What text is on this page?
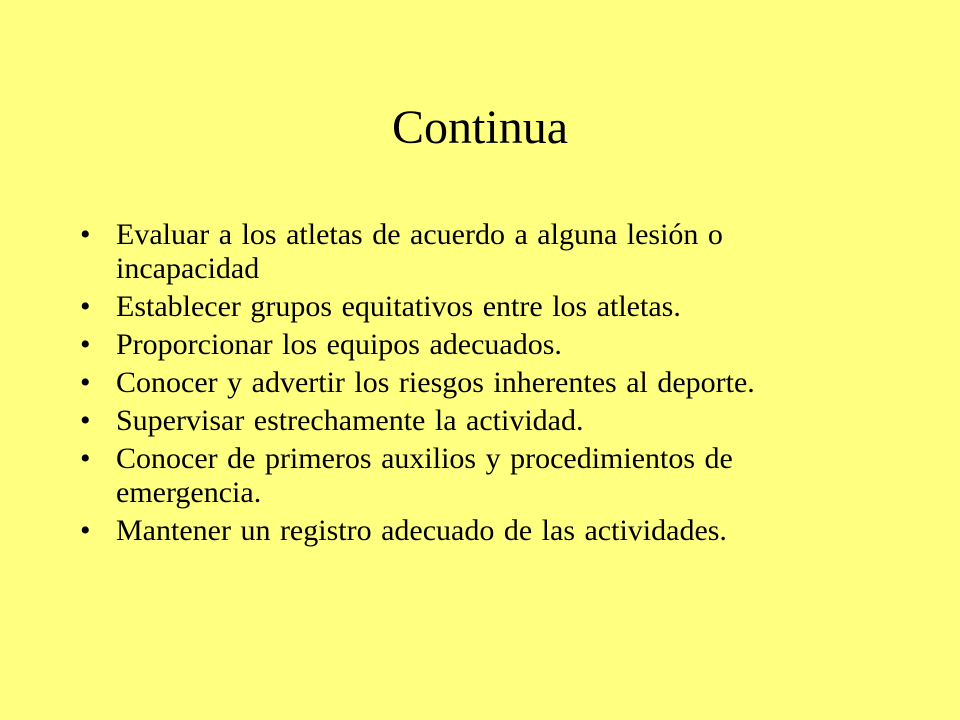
Continua
• Evaluar a los atletas de acuerdo a alguna lesión o incapacidad
• Establecer grupos equitativos entre los atletas.
• Proporcionar los equipos adecuados.
• Conocer y advertir los riesgos inherentes al deporte.
• Supervisar estrechamente la actividad.
• Conocer de primeros auxilios y procedimientos de emergencia.
• Mantener un registro adecuado de las actividades.
